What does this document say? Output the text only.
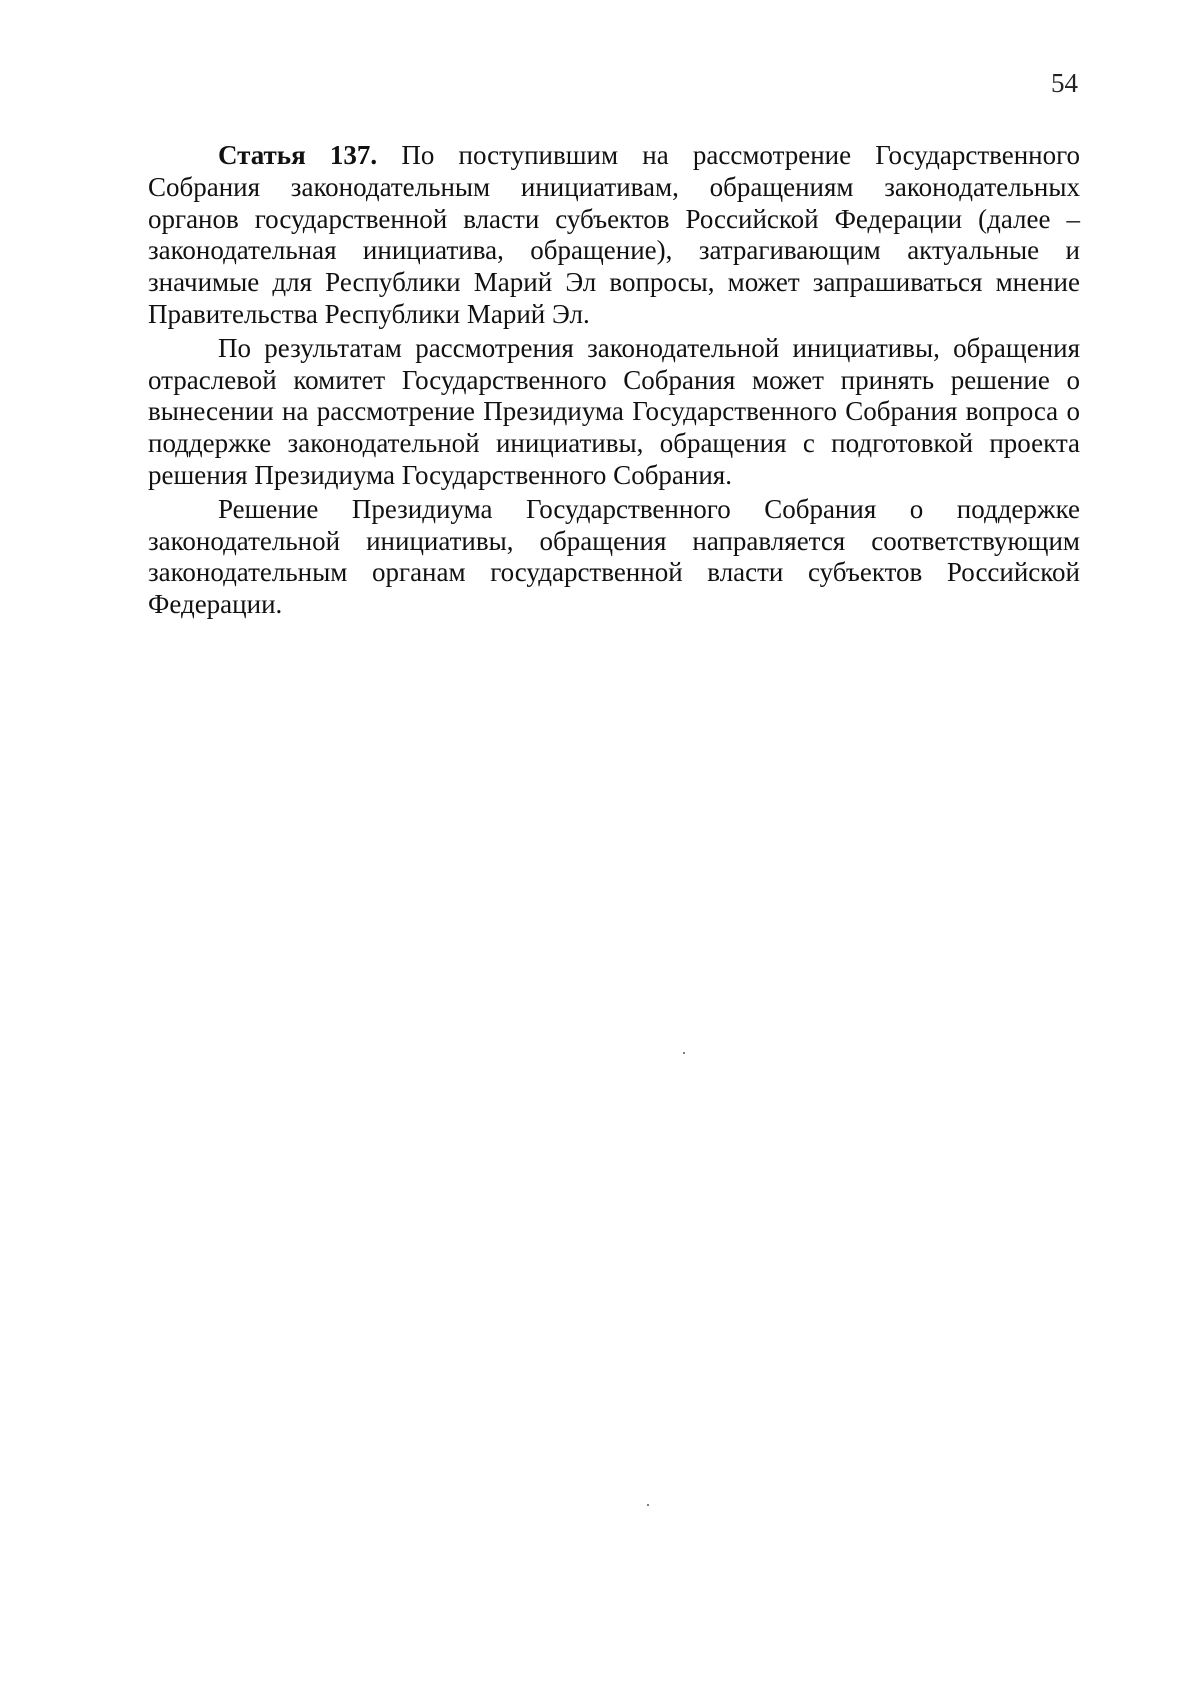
54

Статья 137. По поступившим на рассмотрение Государственного Собрания законодательным инициативам, обращениям законодательных органов государственной власти субъектов Российской Федерации (далее – законодательная инициатива, обращение), затрагивающим актуальные и значимые для Республики Марий Эл вопросы, может запрашиваться мнение Правительства Республики Марий Эл.

По результатам рассмотрения законодательной инициативы, обращения отраслевой комитет Государственного Собрания может принять решение о вынесении на рассмотрение Президиума Государственного Собрания вопроса о поддержке законодательной инициативы, обращения с подготовкой проекта решения Президиума Государственного Собрания.

Решение Президиума Государственного Собрания о поддержке законодательной инициативы, обращения направляется соответствующим законодательным органам государственной власти субъектов Российской Федерации.
